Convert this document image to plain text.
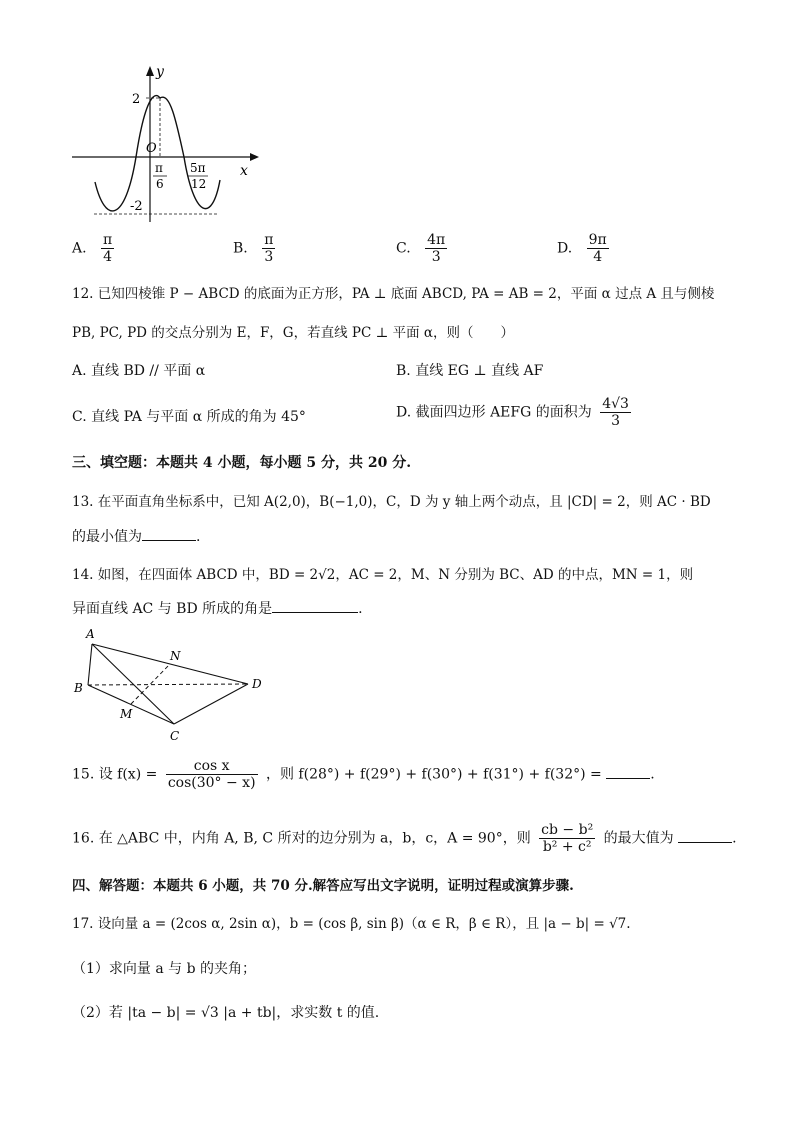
y
x
O
2
-2
π
6
5π
12
A. $\frac{\pi}{4}$	B. $\frac{\pi}{3}$	C. $\frac{4\pi}{3}$	D. $\frac{9\pi}{4}$
12. 已知四棱锥 P − ABCD 的底面为正方形，PA ⊥ 底面 ABCD, PA = AB = 2，平面 α 过点 A 且与侧棱
PB, PC, PD 的交点分别为 E，F，G，若直线 PC ⊥ 平面 α，则（　　）
A. 直线 BD // 平面 α	B. 直线 EG ⊥ 直线 AF
C. 直线 PA 与平面 α 所成的角为 45°	D. 截面四边形 AEFG 的面积为 $\frac{4√3}{3}$
三、填空题：本题共 4 小题，每小题 5 分，共 20 分.
13. 在平面直角坐标系中，已知 A(2,0)，B(−1,0)，C，D 为 y 轴上两个动点，且 |CD| = 2，则 AC · BD
的最小值为	.
14. 如图，在四面体 ABCD 中，BD = 2√2，AC = 2，M、N 分别为 BC、AD 的中点，MN = 1，则
异面直线 AC 与 BD 所成的角是	.
A
B
C
D
M
N
15. 设 $f(x) = \frac{\text{cos x}}{\cos(30^\circ - x)}$ ，则 f(28°) + f(29°) + f(30°) + f(31°) + f(32°) =	.
16. 在 △ABC 中，内角 A, B, C 所对的边分别为 a，b，c，A = 90°，则 $\frac{\text{cb − b²}}{\text{b² + c²}}$ 的最大值为	.
四、解答题：本题共 6 小题，共 70 分.解答应写出文字说明，证明过程或演算步骤.
17. 设向量 a = (2cos α, 2sin α)，b = (cos β, sin β)（α ∈ R，β ∈ R），且 |a − b| = √7.
（1）求向量 a 与 b 的夹角；
（2）若 |ta − b| = √3 |a + tb|，求实数 t 的值.
